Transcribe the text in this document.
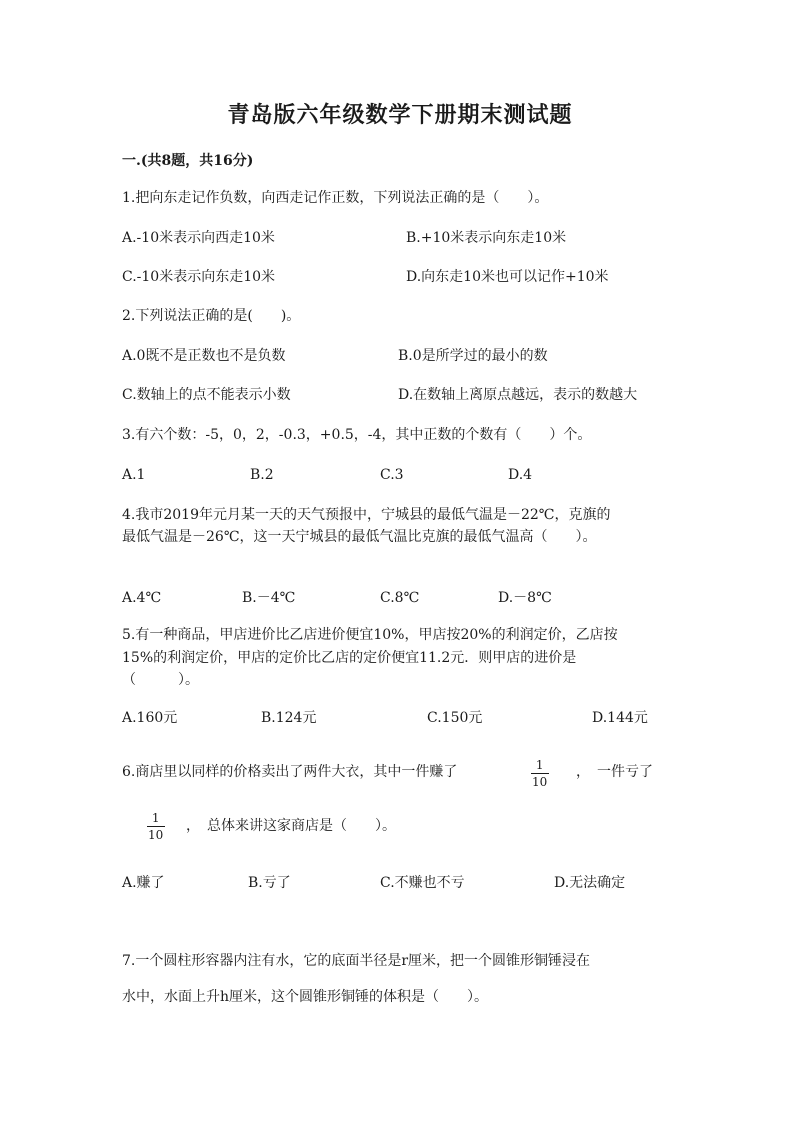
青岛版六年级数学下册期末测试题
一.(共8题，共16分)
1.把向东走记作负数，向西走记作正数，下列说法正确的是（　　）。
A.-10米表示向西走10米	B.+10米表示向东走10米
C.-10米表示向东走10米	D.向东走10米也可以记作+10米
2.下列说法正确的是(　　)。
A.0既不是正数也不是负数	B.0是所学过的最小的数
C.数轴上的点不能表示小数	D.在数轴上离原点越远，表示的数越大
3.有六个数：-5，0，2，-0.3，+0.5，-4，其中正数的个数有（　　）个。
A.1	B.2	C.3	D.4
4.我市2019年元月某一天的天气预报中，宁城县的最低气温是－22℃，克旗的
最低气温是－26℃，这一天宁城县的最低气温比克旗的最低气温高（　　）。
A.4℃	B.－4℃	C.8℃	D.－8℃
5.有一种商品，甲店进价比乙店进价便宜10%，甲店按20%的利润定价，乙店按
15%的利润定价，甲店的定价比乙店的定价便宜11.2元．则甲店的进价是
（　　　）。
A.160元	B.124元	C.150元	D.144元
6.商店里以同样的价格卖出了两件大衣，其中一件赚了	$\frac{1}{10}$ ，　一件亏了
$\frac{1}{10}$ ，　总体来讲这家商店是（　　）。
A.赚了	B.亏了	C.不赚也不亏	D.无法确定
7.一个圆柱形容器内注有水，它的底面半径是r厘米，把一个圆锥形铜锤浸在
水中，水面上升h厘米，这个圆锥形铜锤的体积是（　　）。
